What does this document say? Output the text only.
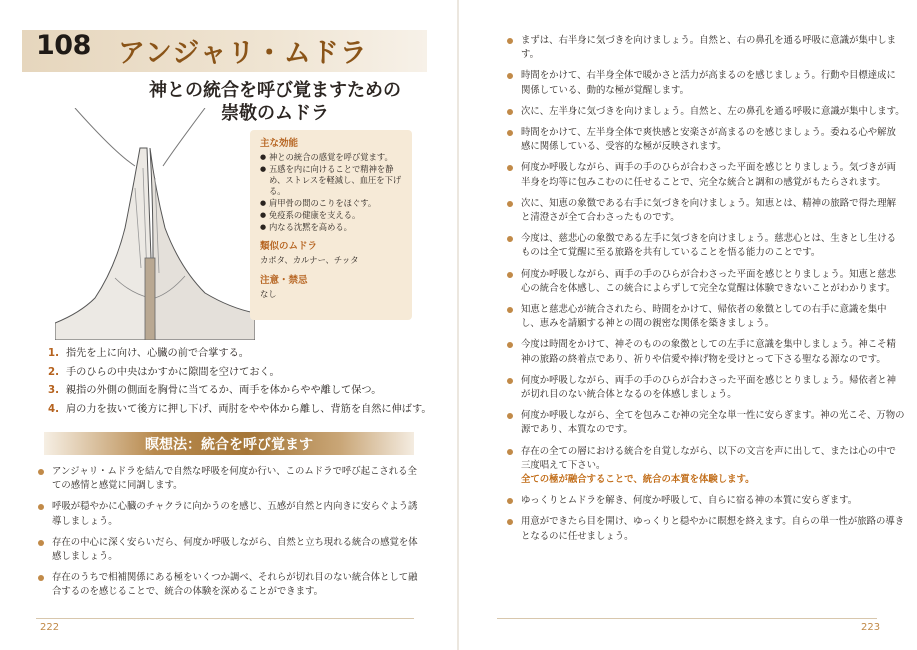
108 アンジャリ・ムドラ
神との統合を呼び覚ますための
崇敬のムドラ

主な効能

● 神との統合の感覚を呼び覚ます。
● 五感を内に向けることで精神を静め、ストレスを軽減し、血圧を下げる。
● 肩甲骨の間のこりをほぐす。
● 免疫系の健康を支える。
● 内なる沈黙を高める。

類似のムドラ

カポタ、カルナー、チッタ

注意・禁忌

なし
1. 指先を上に向け、心臓の前で合掌する。
2. 手のひらの中央はかすかに隙間を空けておく。
3. 親指の外側の側面を胸骨に当てるか、両手を体からやや離して保つ。
4. 肩の力を抜いて後方に押し下げ、両肘をやや体から離し、背筋を自然に伸ばす。
瞑想法：統合を呼び覚ます
アンジャリ・ムドラを結んで自然な呼吸を何度か行い、このムドラで呼び起こされる全ての感情と感覚に同調します。
呼吸が穏やかに心臓のチャクラに向かうのを感じ、五感が自然と内向きに安らぐよう誘導しましょう。
存在の中心に深く安らいだら、何度か呼吸しながら、自然と立ち現れる統合の感覚を体感しましょう。
存在のうちで相補関係にある極をいくつか調べ、それらが切れ目のない統合体として融合するのを感じることで、統合の体験を深めることができます。
222
まずは、右半身に気づきを向けましょう。自然と、右の鼻孔を通る呼吸に意識が集中します。
時間をかけて、右半身全体で暖かさと活力が高まるのを感じましょう。行動や目標達成に関係している、動的な極が覚醒します。
次に、左半身に気づきを向けましょう。自然と、左の鼻孔を通る呼吸に意識が集中します。
時間をかけて、左半身全体で爽快感と安楽さが高まるのを感じましょう。委ねる心や解放感に関係している、受容的な極が反映されます。
何度か呼吸しながら、両手の手のひらが合わさった平面を感じとりましょう。気づきが両半身を均等に包みこむのに任せることで、完全な統合と調和の感覚がもたらされます。
次に、知恵の象徴である右手に気づきを向けましょう。知恵とは、精神の旅路で得た理解と清澄さが全て合わさったものです。
今度は、慈悲心の象徴である左手に気づきを向けましょう。慈悲心とは、生きとし生けるものは全て覚醒に至る旅路を共有していることを悟る能力のことです。
何度か呼吸しながら、両手の手のひらが合わさった平面を感じとりましょう。知恵と慈悲心の統合を体感し、この統合によらずして完全な覚醒は体験できないことがわかります。
知恵と慈悲心が統合されたら、時間をかけて、帰依者の象徴としての右手に意識を集中し、恵みを請願する神との間の親密な関係を築きましょう。
今度は時間をかけて、神そのものの象徴としての左手に意識を集中しましょう。神こそ精神の旅路の終着点であり、祈りや信愛や捧げ物を受けとって下さる聖なる源なのです。
何度か呼吸しながら、両手の手のひらが合わさった平面を感じとりましょう。帰依者と神が切れ目のない統合体となるのを体感しましょう。
何度か呼吸しながら、全てを包みこむ神の完全な単一性に安らぎます。神の光こそ、万物の源であり、本質なのです。
存在の全ての層における統合を自覚しながら、以下の文言を声に出して、または心の中で三度唱えて下さい。
全ての極が融合することで、統合の本質を体験します。
ゆっくりとムドラを解き、何度か呼吸して、自らに宿る神の本質に安らぎます。
用意ができたら目を開け、ゆっくりと穏やかに瞑想を終えます。自らの単一性が旅路の導きとなるのに任せましょう。
223
